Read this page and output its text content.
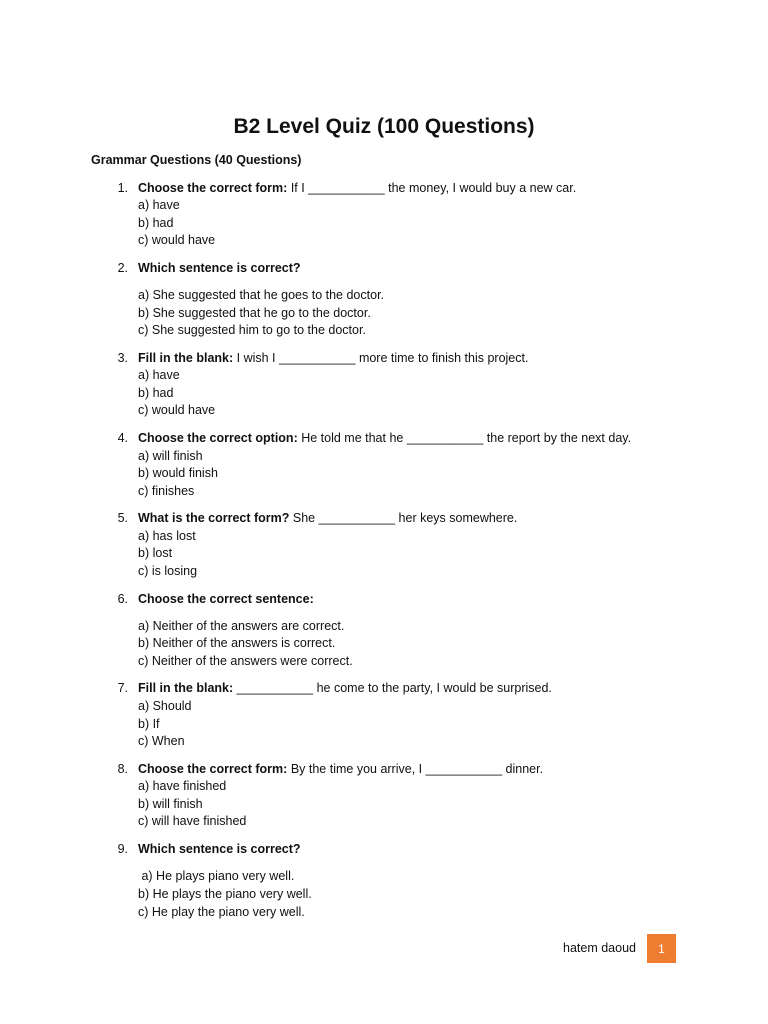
B2 Level Quiz (100 Questions)
Grammar Questions (40 Questions)
1. Choose the correct form: If I ___________ the money, I would buy a new car.
a) have
b) had
c) would have
2. Which sentence is correct?
a) She suggested that he goes to the doctor.
b) She suggested that he go to the doctor.
c) She suggested him to go to the doctor.
3. Fill in the blank: I wish I ___________ more time to finish this project.
a) have
b) had
c) would have
4. Choose the correct option: He told me that he ___________ the report by the next day.
a) will finish
b) would finish
c) finishes
5. What is the correct form? She ___________ her keys somewhere.
a) has lost
b) lost
c) is losing
6. Choose the correct sentence:
a) Neither of the answers are correct.
b) Neither of the answers is correct.
c) Neither of the answers were correct.
7. Fill in the blank: ___________ he come to the party, I would be surprised.
a) Should
b) If
c) When
8. Choose the correct form: By the time you arrive, I ___________ dinner.
a) have finished
b) will finish
c) will have finished
9. Which sentence is correct?
a) He plays piano very well.
b) He plays the piano very well.
c) He play the piano very well.
hatem daoud	1
